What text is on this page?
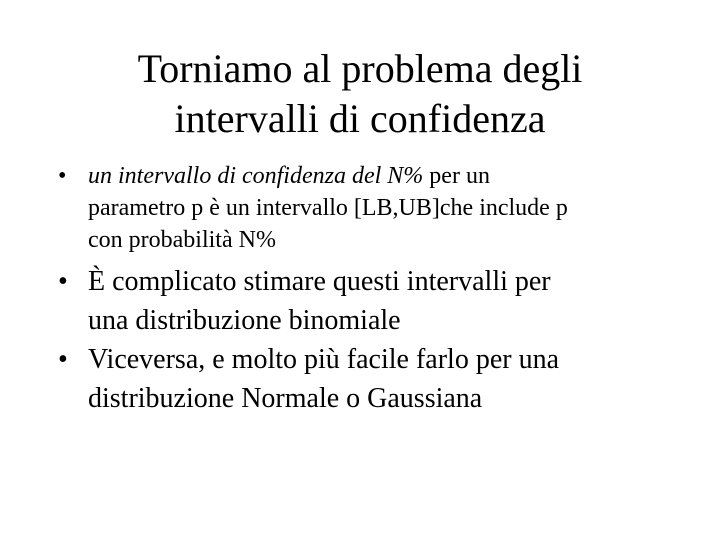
Torniamo al problema degli
intervalli di confidenza
• un intervallo di confidenza del N% per un
parametro p è un intervallo [LB,UB]che include p
con probabilità N%
• È complicato stimare questi intervalli per
una distribuzione binomiale
• Viceversa, e molto più facile farlo per una
distribuzione Normale o Gaussiana
